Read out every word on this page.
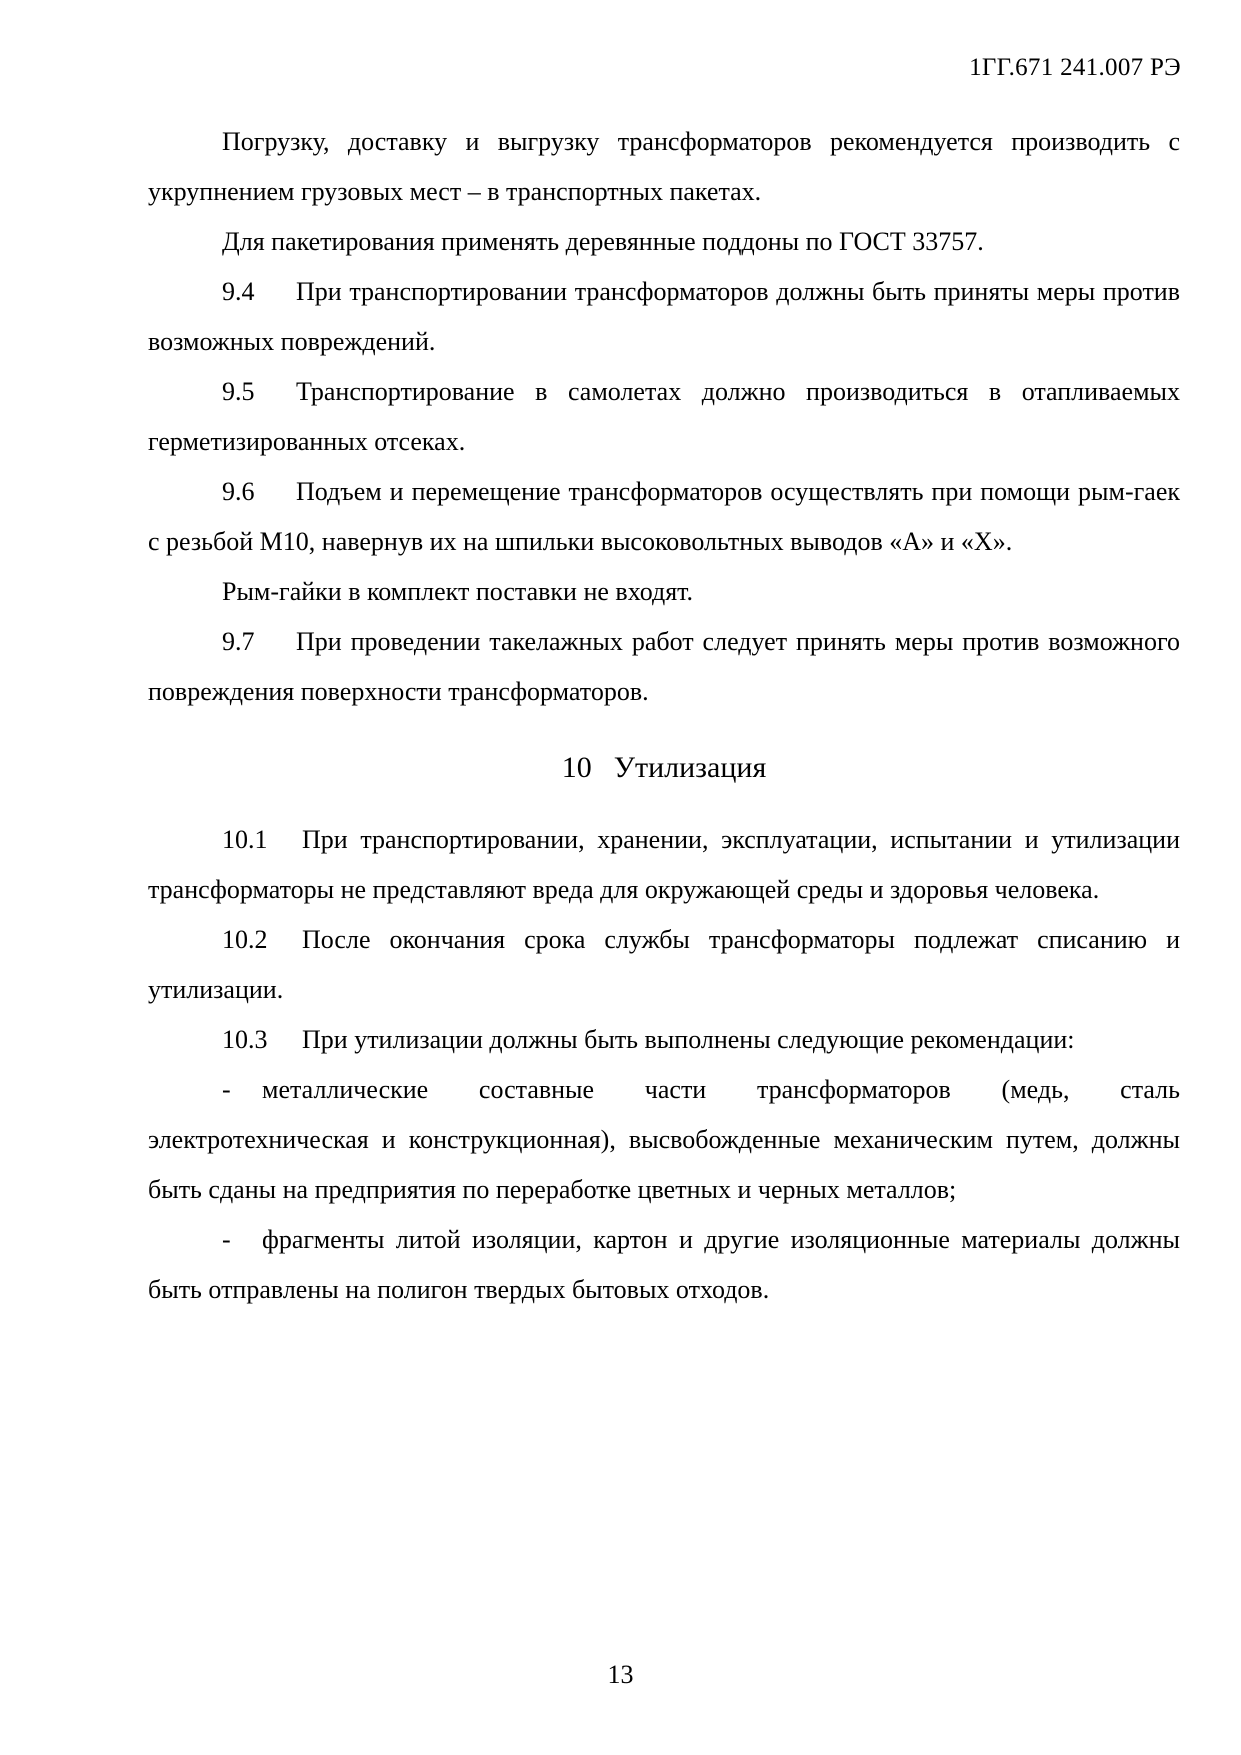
1ГГ.671 241.007 РЭ

Погрузку, доставку и выгрузку трансформаторов рекомендуется производить с укрупнением грузовых мест – в транспортных пакетах.

Для пакетирования применять деревянные поддоны по ГОСТ 33757.

9.4 При транспортировании трансформаторов должны быть приняты меры против возможных повреждений.

9.5 Транспортирование в самолетах должно производиться в отапливаемых герметизированных отсеках.

9.6 Подъем и перемещение трансформаторов осуществлять при помощи рым-гаек с резьбой М10, навернув их на шпильки высоковольтных выводов «А» и «Х».

Рым-гайки в комплект поставки не входят.

9.7 При проведении такелажных работ следует принять меры против возможного повреждения поверхности трансформаторов.

10 Утилизация

10.1 При транспортировании, хранении, эксплуатации, испытании и утилизации трансформаторы не представляют вреда для окружающей среды и здоровья человека.

10.2 После окончания срока службы трансформаторы подлежат списанию и утилизации.

10.3 При утилизации должны быть выполнены следующие рекомендации:

- металлические составные части трансформаторов (медь, сталь электротехническая и конструкционная), высвобожденные механическим путем, должны быть сданы на предприятия по переработке цветных и черных металлов;

- фрагменты литой изоляции, картон и другие изоляционные материалы должны быть отправлены на полигон твердых бытовых отходов.

13
